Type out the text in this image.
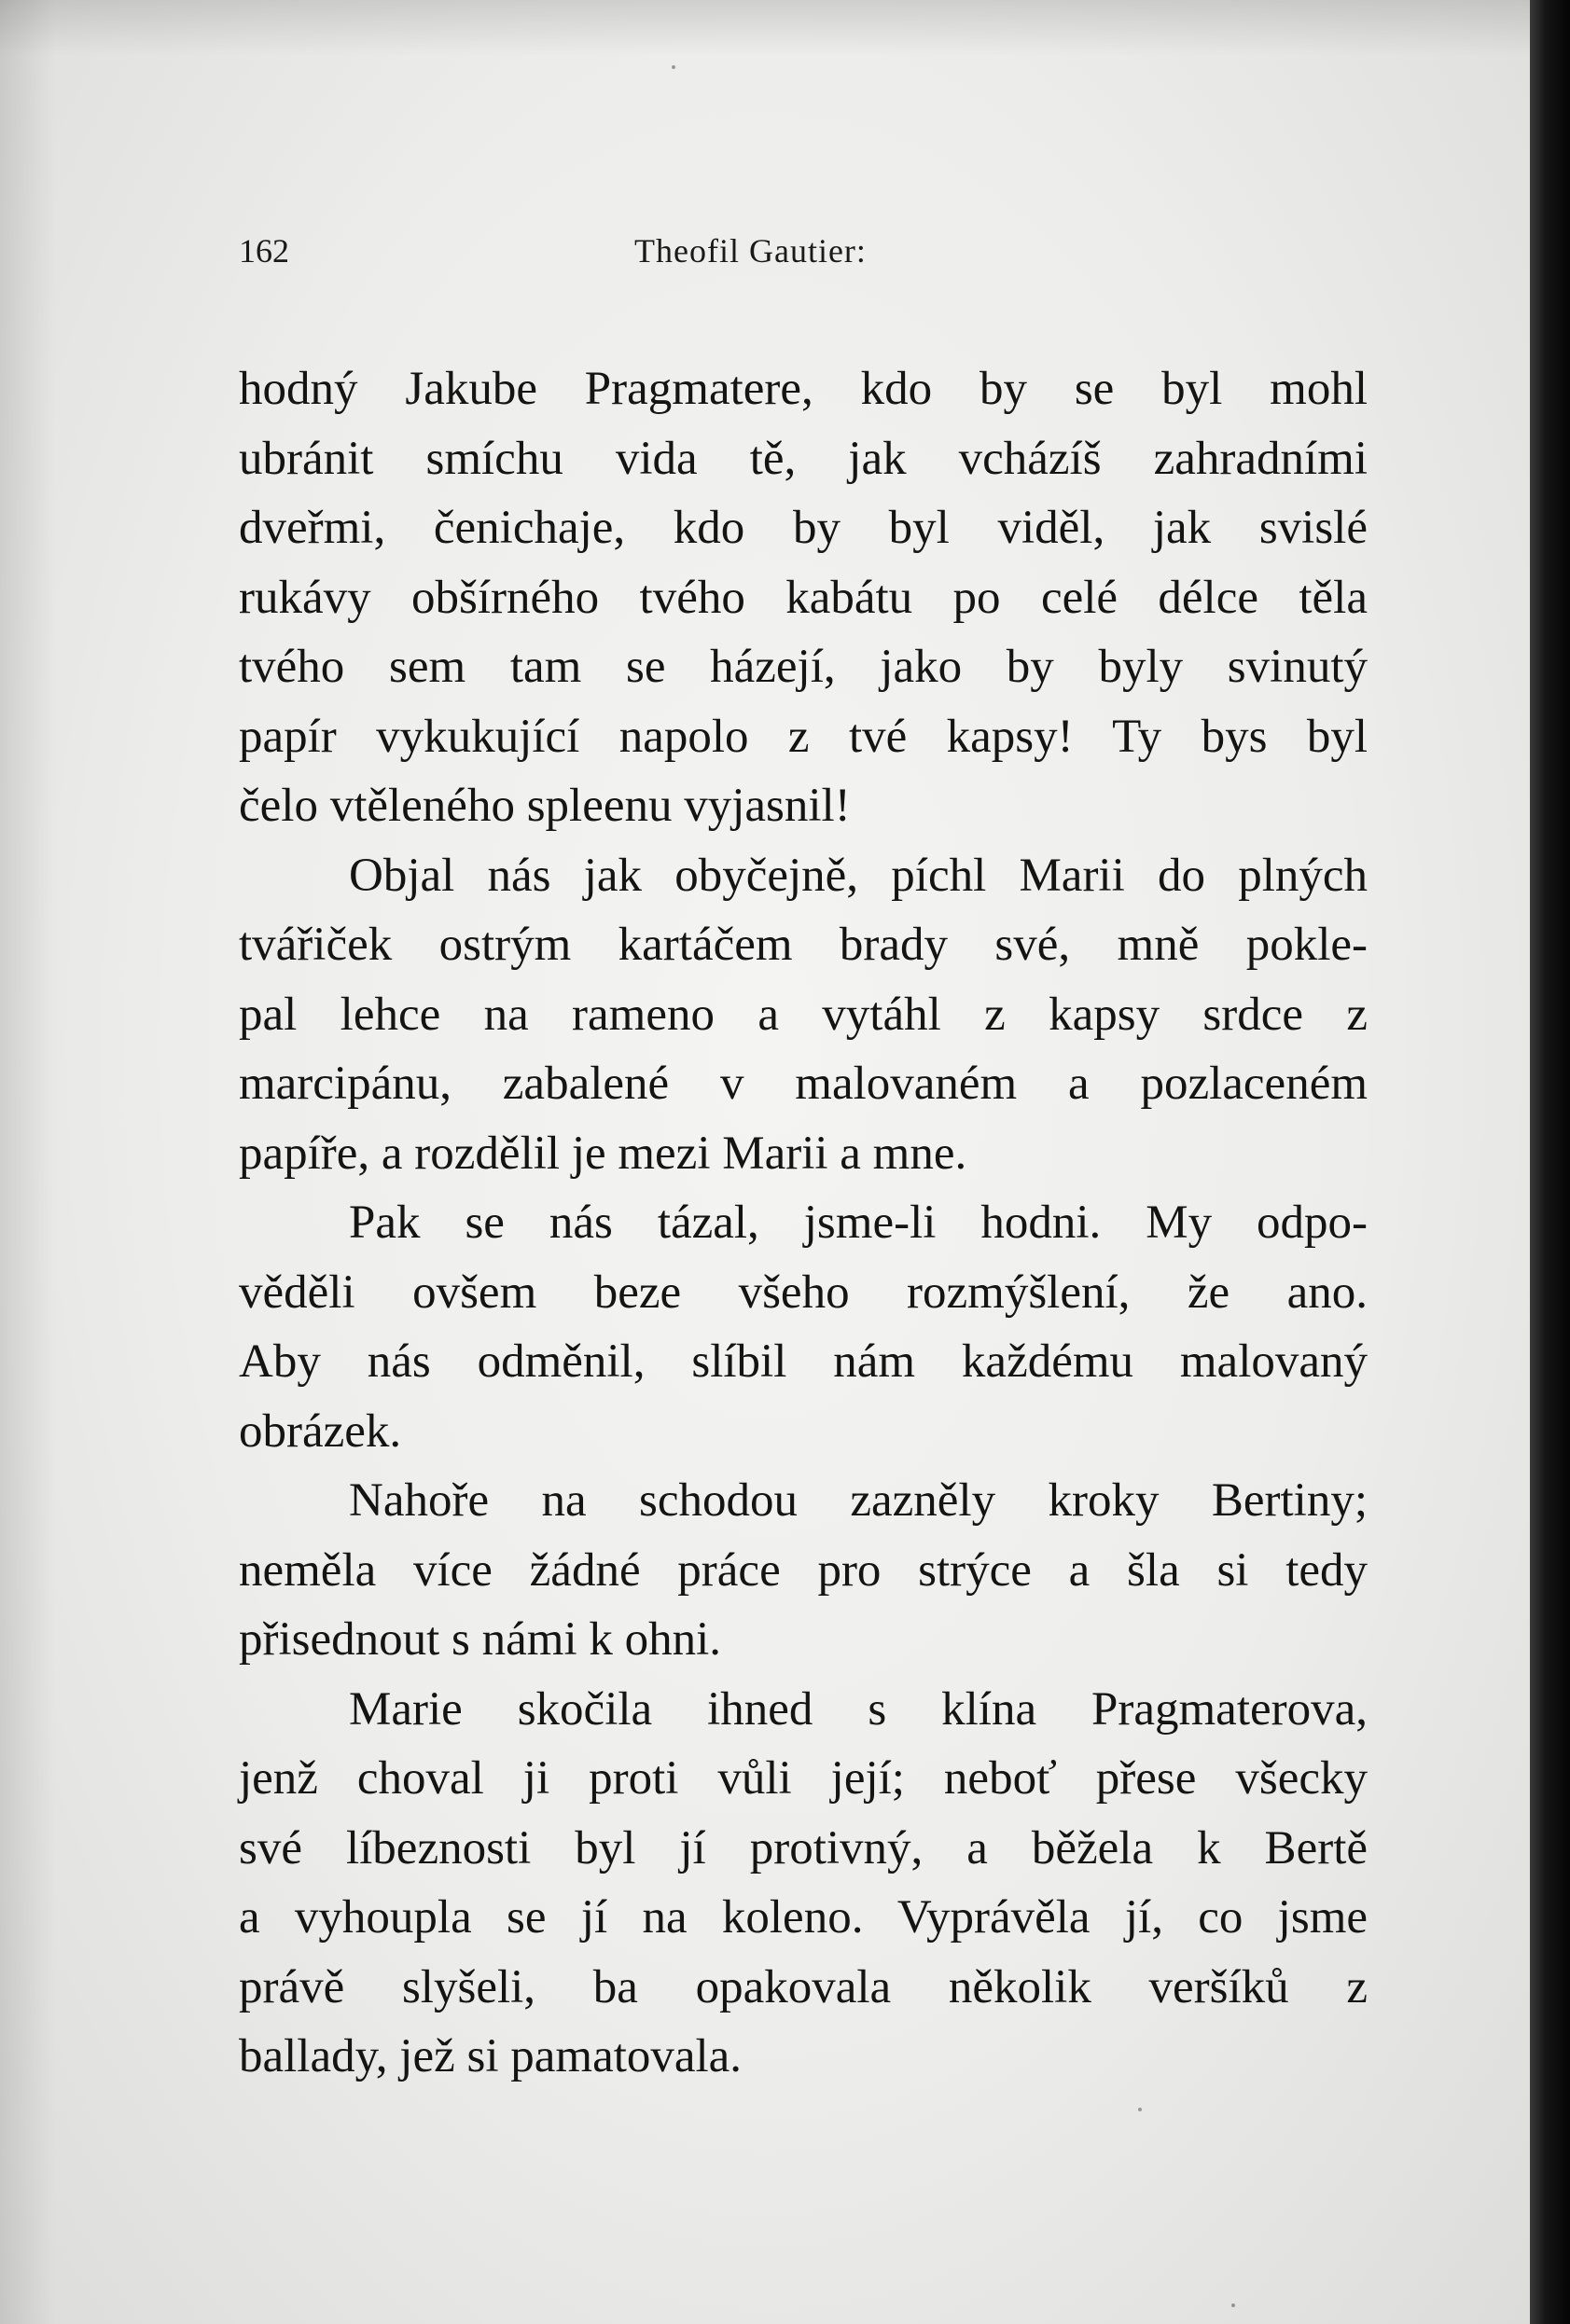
162	Theofil Gautier:

hodný Jakube Pragmatere, kdo by se byl mohl
ubránit smíchu vida tě, jak vcházíš zahradními
dveřmi, čenichaje, kdo by byl viděl, jak svislé
rukávy obšírného tvého kabátu po celé délce těla
tvého sem tam se házejí, jako by byly svinutý
papír vykukující napolo z tvé kapsy! Ty bys byl
čelo vtěleného spleenu vyjasnil!

Objal nás jak obyčejně, píchl Marii do plných
tvářiček ostrým kartáčem brady své, mně pokle-
pal lehce na rameno a vytáhl z kapsy srdce z
marcipánu, zabalené v malovaném a pozlaceném
papíře, a rozdělil je mezi Marii a mne.

Pak se nás tázal, jsme-li hodni. My odpo-
věděli ovšem beze všeho rozmýšlení, že ano.
Aby nás odměnil, slíbil nám každému malovaný
obrázek.

Nahoře na schodou zazněly kroky Bertiny;
neměla více žádné práce pro strýce a šla si tedy
přisednout s námi k ohni.

Marie skočila ihned s klína Pragmaterova,
jenž choval ji proti vůli její; neboť přese všecky
své líbeznosti byl jí protivný, a běžela k Bertě
a vyhoupla se jí na koleno. Vyprávěla jí, co jsme
právě slyšeli, ba opakovala několik veršíků z
ballady, jež si pamatovala.
